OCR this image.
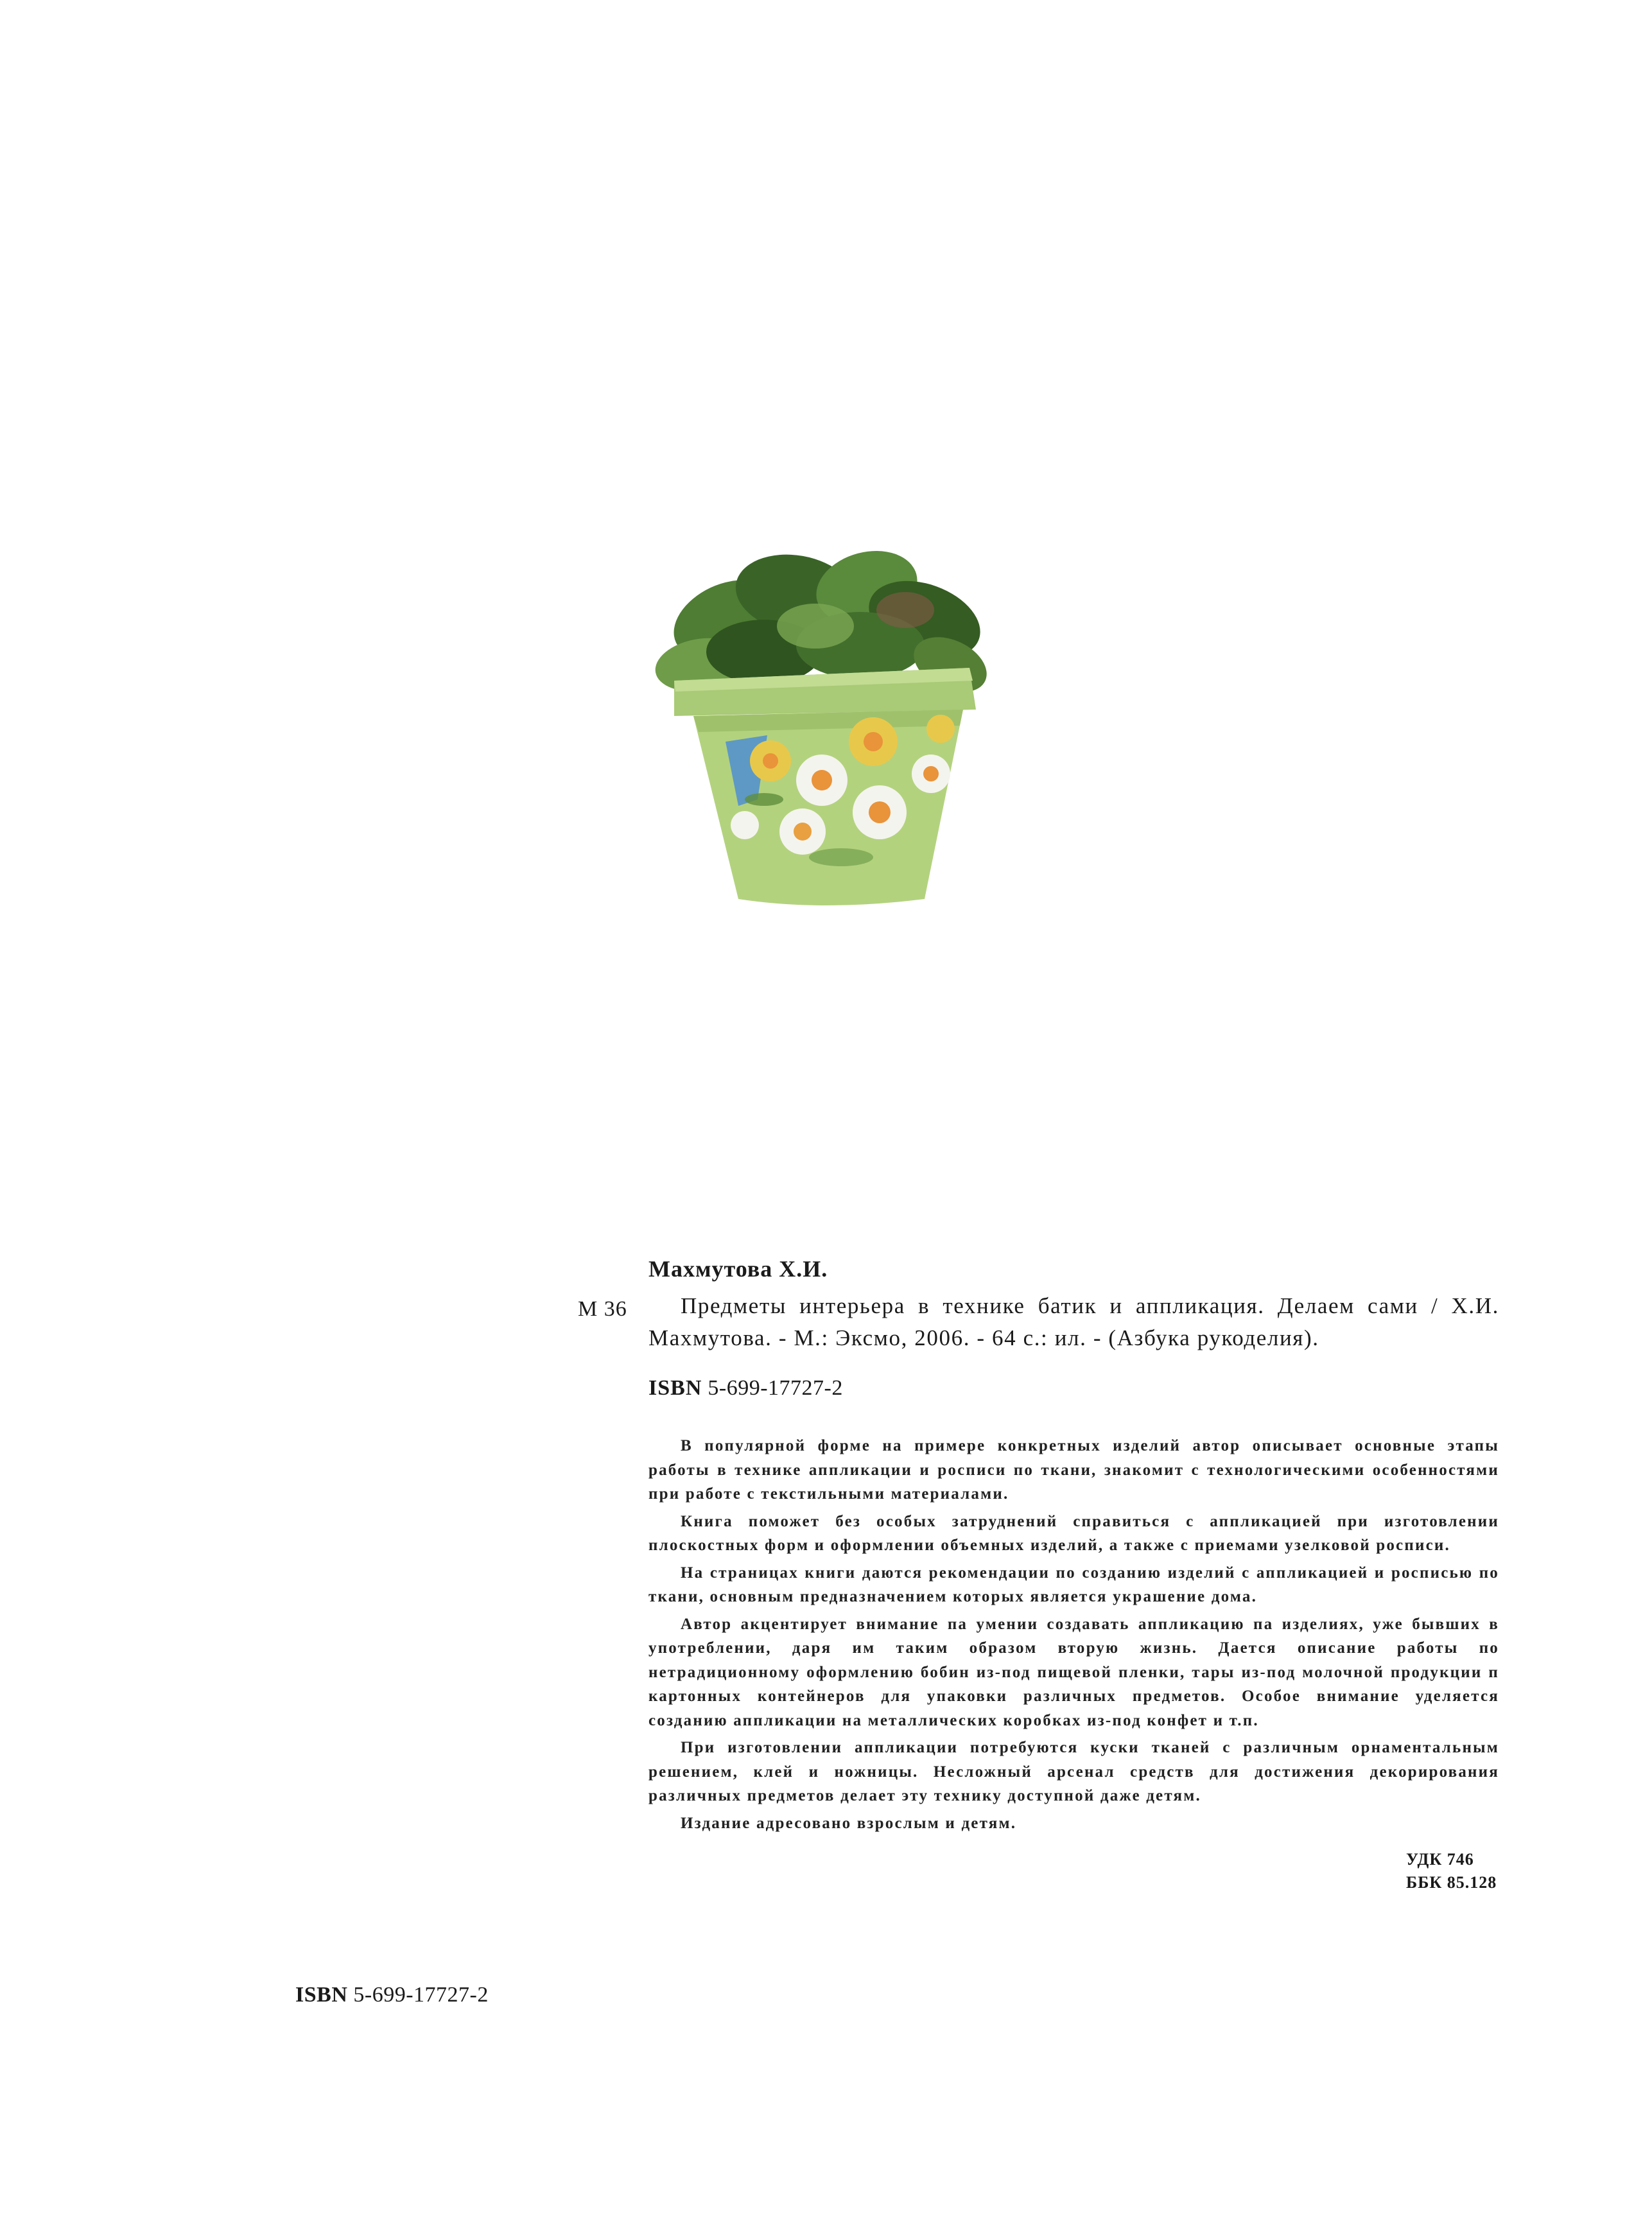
М 36

Махмутова Х.И.

Предметы интерьера в технике батик и аппликация. Делаем сами / Х.И. Махмутова. - М.: Эксмо, 2006. - 64 с.: ил. - (Азбука рукоделия).

ISBN 5-699-17727-2

В популярной форме на примере конкретных изделий автор описывает основные этапы работы в технике аппликации и росписи по ткани, знакомит с технологическими особенностями при работе с текстильными материалами.

Книга поможет без особых затруднений справиться с аппликацией при изготовлении плоскостных форм и оформлении объемных изделий, а также с приемами узелковой росписи.

На страницах книги даются рекомендации по созданию изделий с аппликацией и росписью по ткани, основным предназначением которых является украшение дома.

Автор акцентирует внимание па умении создавать аппликацию па изделиях, уже бывших в употреблении, даря им таким образом вторую жизнь. Дается описание работы по нетрадиционному оформлению бобин из-под пищевой пленки, тары из-под молочной продукции п картонных контейнеров для упаковки различных предметов. Особое внимание уделяется созданию аппликации на металлических коробках из-под конфет и т.п.

При изготовлении аппликации потребуются куски тканей с различным орнаментальным решением, клей и ножницы. Несложный арсенал средств для достижения декорирования различных предметов делает эту технику доступной даже детям.

Издание адресовано взрослым и детям.

УДК 746
ББК 85.128

ISBN 5-699-17727-2
